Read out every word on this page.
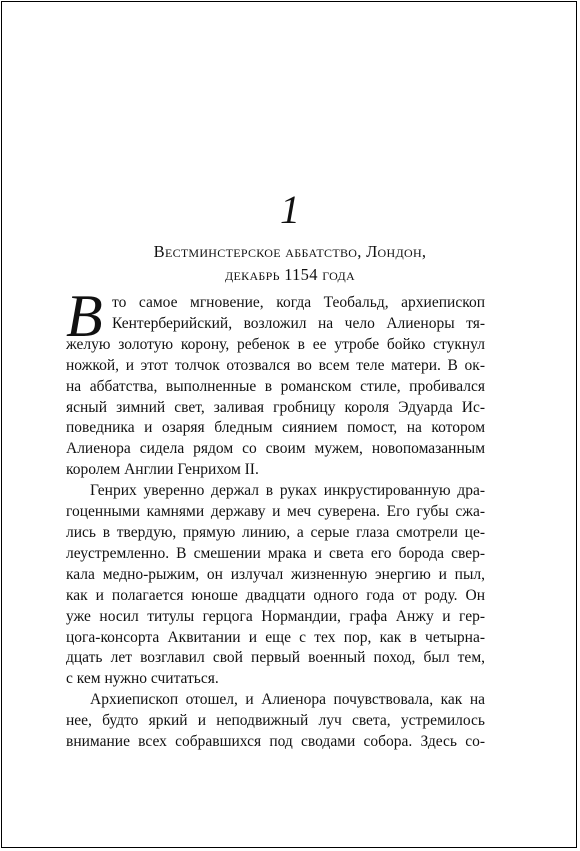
1
Вестминстерское аббатство, Лондон,
декабрь 1154 года
В то самое мгновение, когда Теобальд, архиепископ
Кентерберийский, возложил на чело Алиеноры тя-
желую золотую корону, ребенок в ее утробе бойко стукнул
ножкой, и этот толчок отозвался во всем теле матери. В ок-
на аббатства, выполненные в романском стиле, пробивался
ясный зимний свет, заливая гробницу короля Эдуарда Ис-
поведника и озаряя бледным сиянием помост, на котором
Алиенора сидела рядом со своим мужем, новопомазанным
королем Англии Генрихом II.
Генрих уверенно держал в руках инкрустированную дра-
гоценными камнями державу и меч суверена. Его губы сжа-
лись в твердую, прямую линию, а серые глаза смотрели це-
леустремленно. В смешении мрака и света его борода свер-
кала медно-рыжим, он излучал жизненную энергию и пыл,
как и полагается юноше двадцати одного года от роду. Он
уже носил титулы герцога Нормандии, графа Анжу и гер-
цога-консорта Аквитании и еще с тех пор, как в четырна-
дцать лет возглавил свой первый военный поход, был тем,
с кем нужно считаться.
Архиепископ отошел, и Алиенора почувствовала, как на
нее, будто яркий и неподвижный луч света, устремилось
внимание всех собравшихся под сводами собора. Здесь со-
